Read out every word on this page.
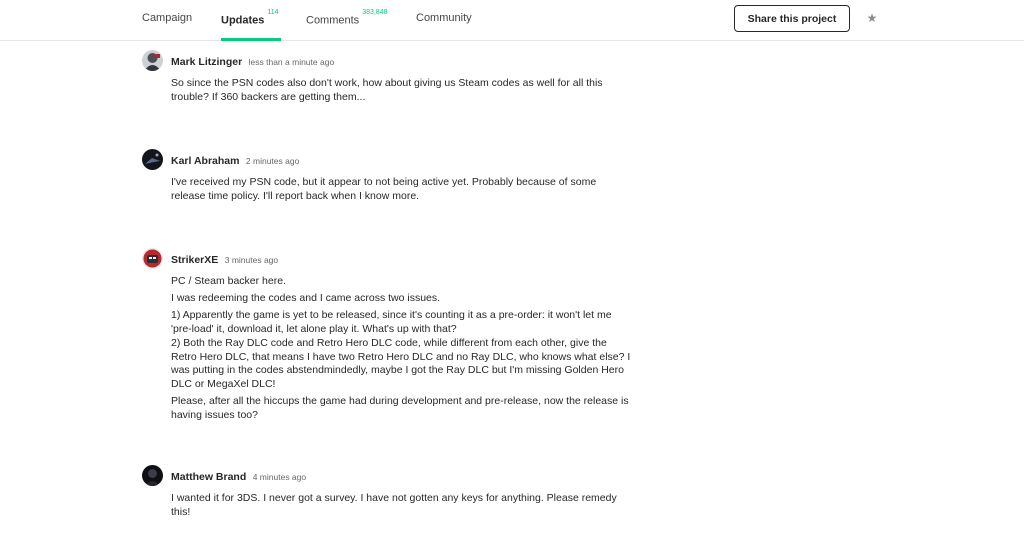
Campaign	Updates$^{114}$
Comments$^{383,848}$	Community	Share this project	★
Mark Litzinger less than a minute ago

So since the PSN codes also don't work, how about giving us Steam codes as well for all this trouble? If 360 backers are getting them...

Karl Abraham 2 minutes ago

I've received my PSN code, but it appear to not being active yet. Probably because of some release time policy. I'll report back when I know more.

StrikerXE 3 minutes ago

PC / Steam backer here.

I was redeeming the codes and I came across two issues.

1) Apparently the game is yet to be released, since it's counting it as a pre-order: it won't let me 'pre-load' it, download it, let alone play it. What's up with that?

2) Both the Ray DLC code and Retro Hero DLC code, while different from each other, give the Retro Hero DLC, that means I have two Retro Hero DLC and no Ray DLC, who knows what else? I was putting in the codes abstendmindedly, maybe I got the Ray DLC but I'm missing Golden Hero DLC or MegaXel DLC!

Please, after all the hiccups the game had during development and pre-release, now the release is having issues too?

Matthew Brand 4 minutes ago

I wanted it for 3DS. I never got a survey. I have not gotten any keys for anything. Please remedy this!
